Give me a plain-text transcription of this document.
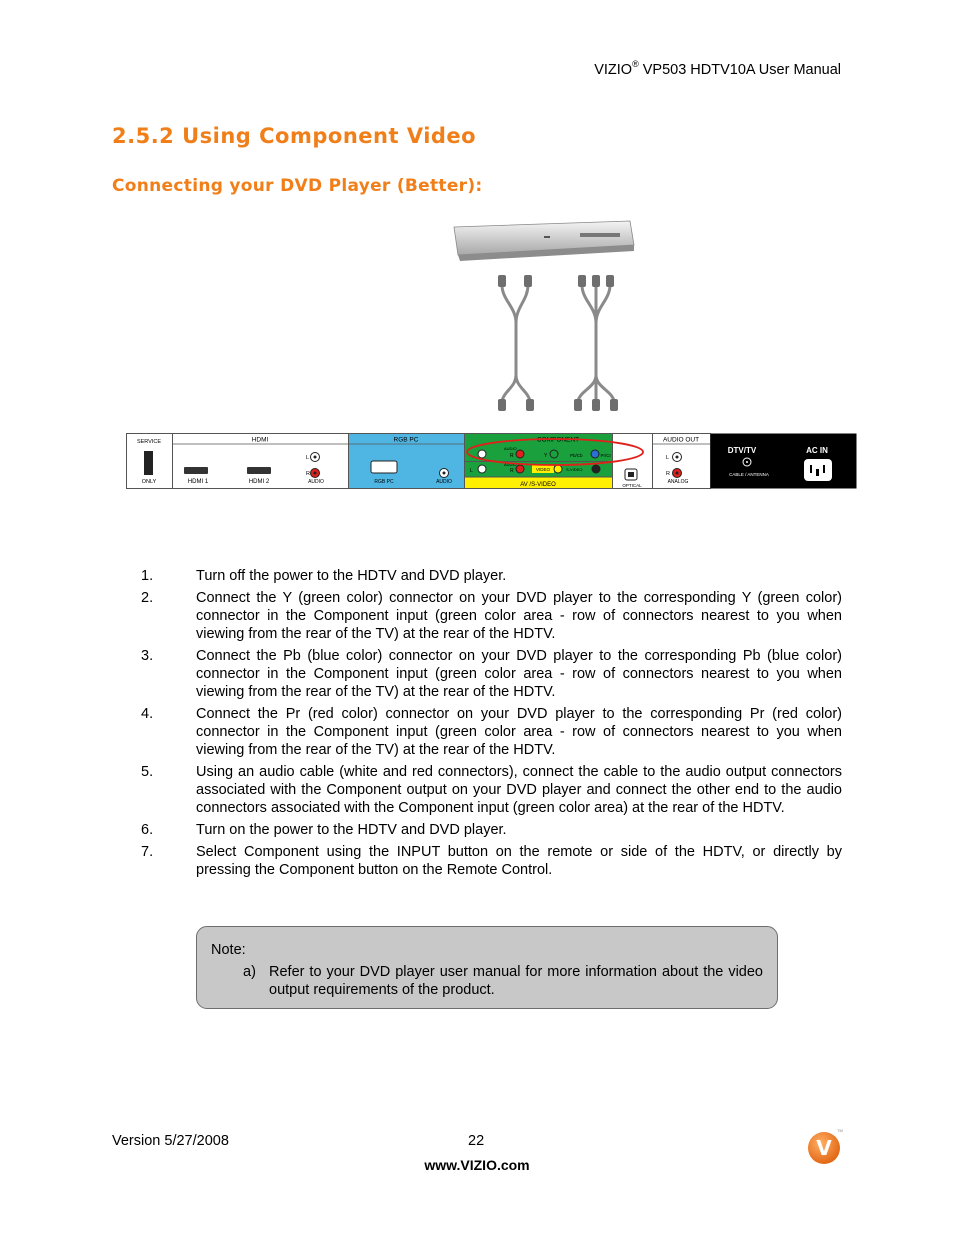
VIZIO® VP503 HDTV10A User Manual
2.5.2 Using Component Video
Connecting your DVD Player (Better):
SERVICE
ONLY
HDMI
HDMI 1	HDMI 2
L
R
AUDIO
RGB PC
RGB PC	AUDIO
COMPONENT
AUDIO
R	Y	Pb/Cb	Pr/Cr
L
AUDIO
R	VIDEO	S-VIDEO
AV /S-VIDEO
AUDIO OUT
OPTICAL
L
R
ANALOG
DTV/TV
CABLE / ANTENNA
AC IN
1.	Turn off the power to the HDTV and DVD player.
2.	Connect the Y (green color) connector on your DVD player to the corresponding Y (green color) connector in the Component input (green color area - row of connectors nearest to you when viewing from the rear of the TV) at the rear of the HDTV.
3.	Connect the Pb (blue color) connector on your DVD player to the corresponding Pb (blue color) connector in the Component input (green color area - row of connectors nearest to you when viewing from the rear of the TV) at the rear of the HDTV.
4.	Connect the Pr (red color) connector on your DVD player to the corresponding Pr (red color) connector in the Component input (green color area - row of connectors nearest to you when viewing from the rear of the TV) at the rear of the HDTV.
5.	Using an audio cable (white and red connectors), connect the cable to the audio output connectors associated with the Component output on your DVD player and connect the other end to the audio connectors associated with the Component input (green color area) at the rear of the HDTV.
6.	Turn on the power to the HDTV and DVD player.
7.	Select Component using the INPUT button on the remote or side of the HDTV, or directly by pressing the Component button on the Remote Control.
Note:
a) Refer to your DVD player user manual for more information about the video output requirements of the product.
Version 5/27/2008	22
www.VIZIO.com
V
TM
